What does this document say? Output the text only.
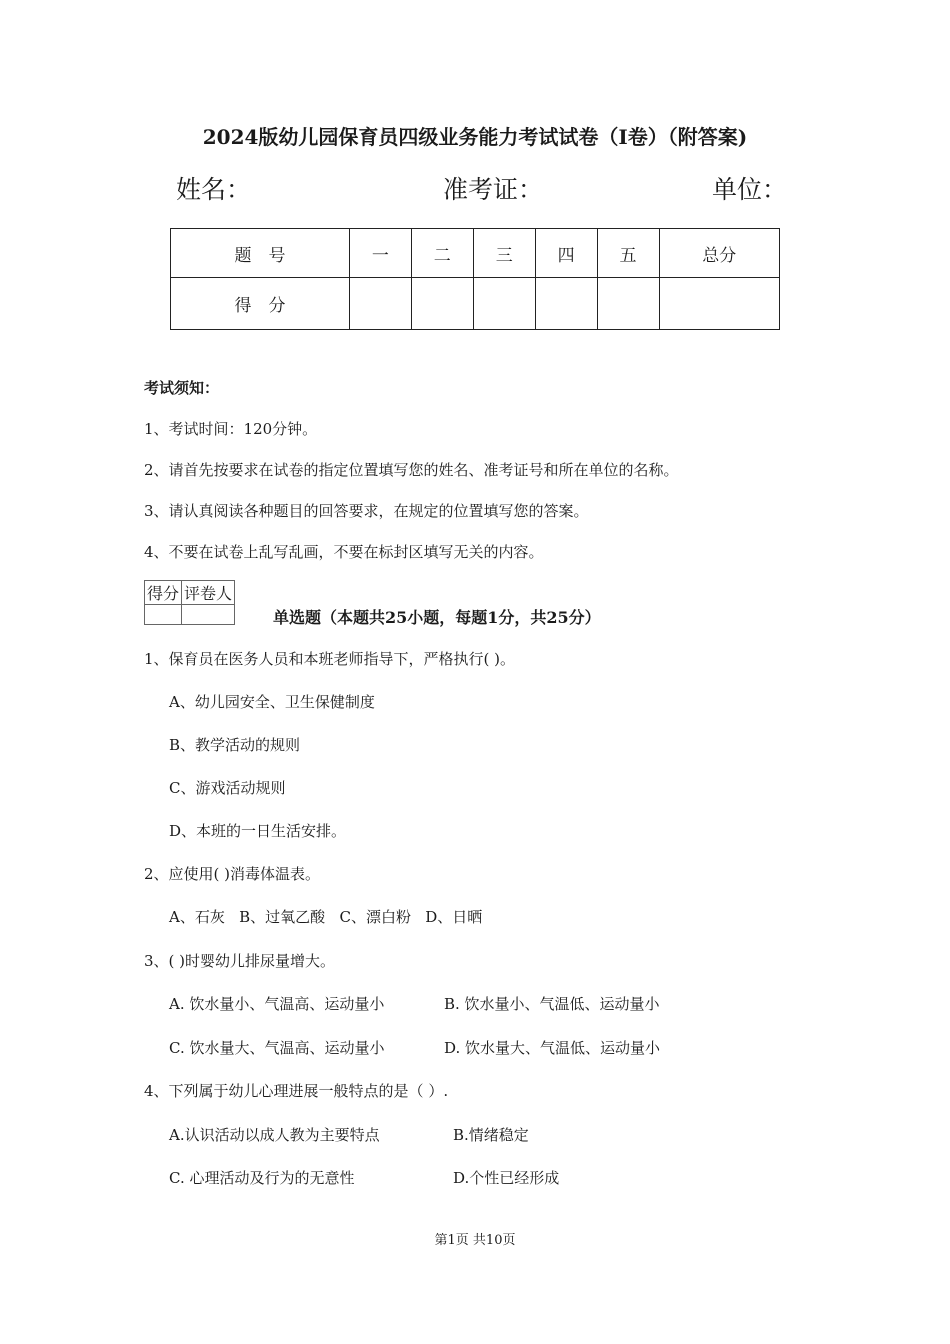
2024版幼儿园保育员四级业务能力考试试卷（I卷）（附答案)
姓名：	准考证：	单位：
题　号	一	二	三	四	五	总分
得　分						
考试须知：
1、考试时间：120分钟。
2、请首先按要求在试卷的指定位置填写您的姓名、准考证号和所在单位的名称。
3、请认真阅读各种题目的回答要求，在规定的位置填写您的答案。
4、不要在试卷上乱写乱画，不要在标封区填写无关的内容。
得分	评卷人

单选题（本题共25小题，每题1分，共25分）
1、保育员在医务人员和本班老师指导下，严格执行( )。
A、幼儿园安全、卫生保健制度
B、教学活动的规则
C、游戏活动规则
D、本班的一日生活安排。
2、应使用( )消毒体温表。
A、石灰   B、过氧乙酸   C、漂白粉   D、日晒
3、( )时婴幼儿排尿量增大。
A. 饮水量小、气温高、运动量小	B. 饮水量小、气温低、运动量小
C. 饮水量大、气温高、运动量小	D. 饮水量大、气温低、运动量小
4、下列属于幼儿心理进展一般特点的是（ ）.
A.认识活动以成人教为主要特点	B.情绪稳定
C. 心理活动及行为的无意性	D.个性已经形成
第1页 共10页
